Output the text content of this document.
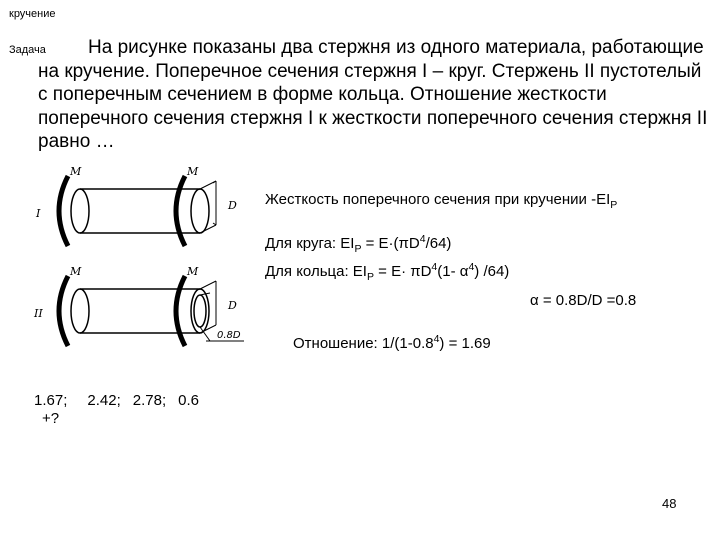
кручение
Задача	На рисунке показаны два стержня из одного материала, работающие на кручение. Поперечное сечения стержня I – круг. Стержень II пустотелый с поперечным сечением в форме кольца. Отношение жесткости поперечного сечения стержня I к жесткости поперечного сечения стержня II равно …
M	M
I
D
M	M
II
D
0.8D
Жесткость поперечного сечения при кручении $-EI_P$
Для круга: $EI_P = E\cdot(\pi D^4/64)$
Для кольца: $EI_P = E\cdot \pi D^4(1-$ $\alpha^4$) /64)
α = 0.8D/D =0.8
Отношение: $1/(1-0.8^4) = 1.69$
1.67; 2.42; 2.78; 0.6
+?
48
